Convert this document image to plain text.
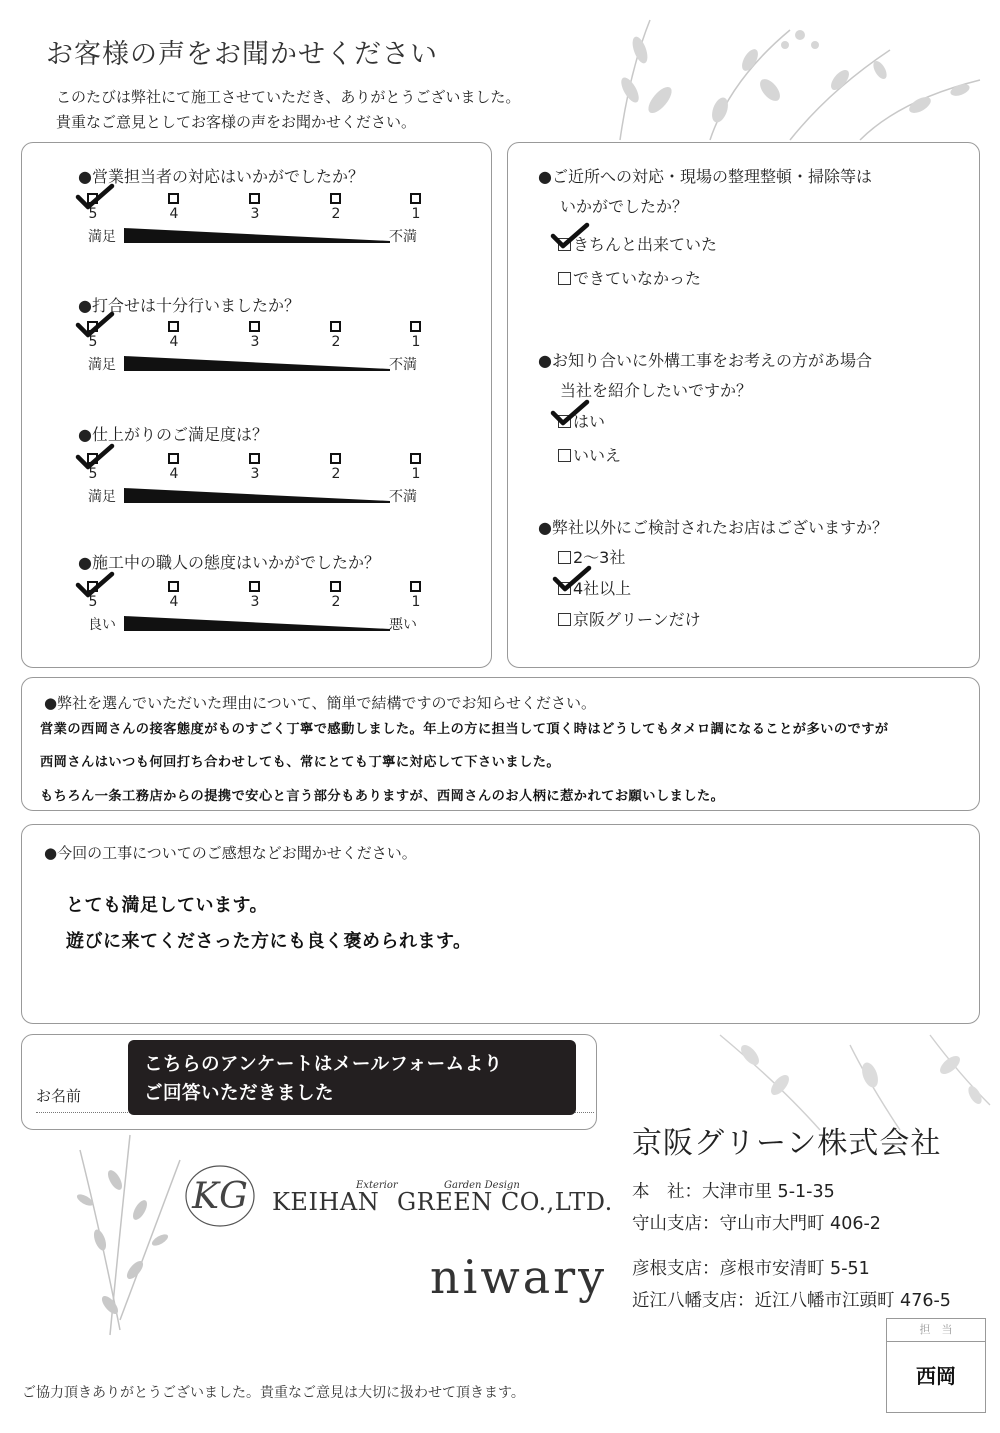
お客様の声をお聞かせください
このたびは弊社にて施工させていただき、ありがとうございました。
貴重なご意見としてお客様の声をお聞かせください。
●営業担当者の対応はいかがでしたか？
●打合せは十分行いましたか？
●仕上がりのご満足度は？
●施工中の職人の態度はいかがでしたか？
5	4	3	2	1
満足	不満
5	4	3	2	1
満足	不満
5	4	3	2	1
満足	不満
5	4	3	2	1
良い	悪い
●ご近所への対応・現場の整理整頓・掃除等は
いかがでしたか？
きちんと出来ていた
できていなかった
●お知り合いに外構工事をお考えの方があ場合
当社を紹介したいですか？
はい
いいえ
●弊社以外にご検討されたお店はございますか？
2～3社
4社以上
京阪グリーンだけ
●弊社を選んでいただいた理由について、簡単で結構ですのでお知らせください。
営業の西岡さんの接客態度がものすごく丁寧で感動しました。年上の方に担当して頂く時はどうしてもタメロ調になることが多いのですが
西岡さんはいつも何回打ち合わせしても、常にとても丁寧に対応して下さいました。
もちろん一条工務店からの提携で安心と言う部分もありますが、西岡さんのお人柄に惹かれてお願いしました。
●今回の工事についてのご感想などお聞かせください。
とても満足しています。
遊びに来てくださった方にも良く褒められます。
お名前
こちらのアンケートはメールフォームより
ご回答いただきました
KG	Exterior	Garden Design
KEIHAN GREEN CO.,LTD.
niwary
京阪グリーン株式会社
本　社：大津市里 5-1-35
守山支店：守山市大門町 406-2
彦根支店：彦根市安清町 5-51
近江八幡支店：近江八幡市江頭町 476-5
担　当
西岡
ご協力頂きありがとうございました。貴重なご意見は大切に扱わせて頂きます。
